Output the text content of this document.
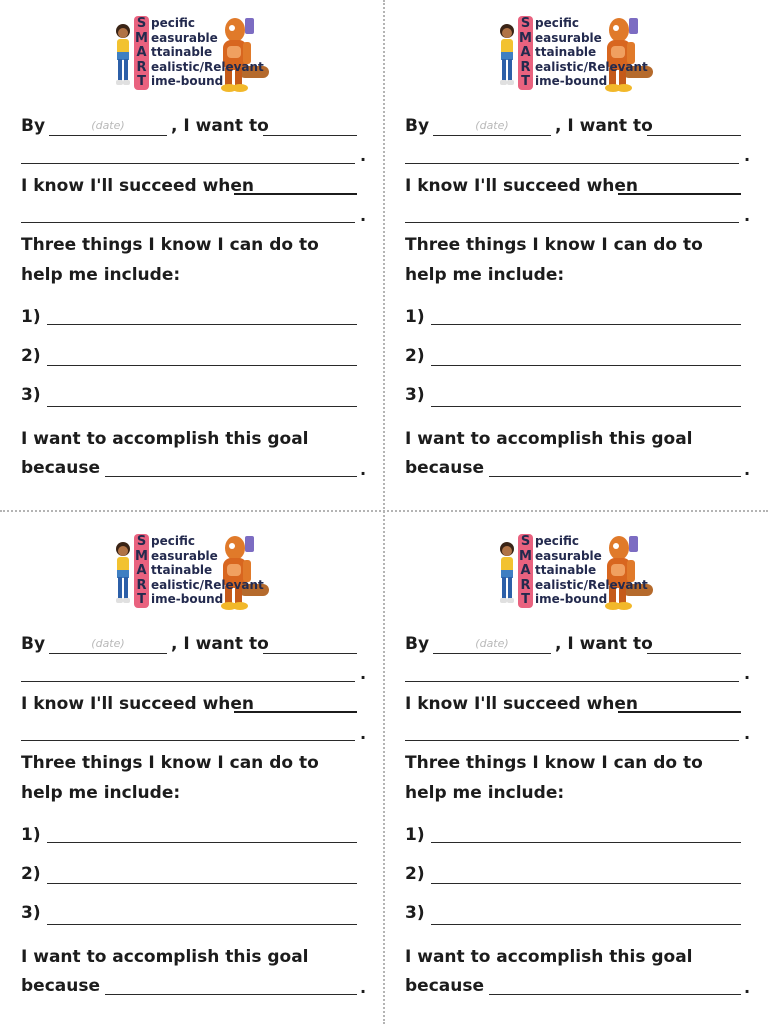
S
M
A
R
T
pecific
easurable
ttainable
ealistic/Relevant
ime-bound
By	(date)	, I want to
.
I know I'll succeed when
.
Three things I know I can do to
help me include:
1)
2)
3)
I want to accomplish this goal
because	.
S
M
A
R
T
pecific
easurable
ttainable
ealistic/Relevant
ime-bound
By	(date)	, I want to
.
I know I'll succeed when
.
Three things I know I can do to
help me include:
1)
2)
3)
I want to accomplish this goal
because	.
S
M
A
R
T
pecific
easurable
ttainable
ealistic/Relevant
ime-bound
By	(date)	, I want to
.
I know I'll succeed when
.
Three things I know I can do to
help me include:
1)
2)
3)
I want to accomplish this goal
because	.
S
M
A
R
T
pecific
easurable
ttainable
ealistic/Relevant
ime-bound
By	(date)	, I want to
.
I know I'll succeed when
.
Three things I know I can do to
help me include:
1)
2)
3)
I want to accomplish this goal
because	.
